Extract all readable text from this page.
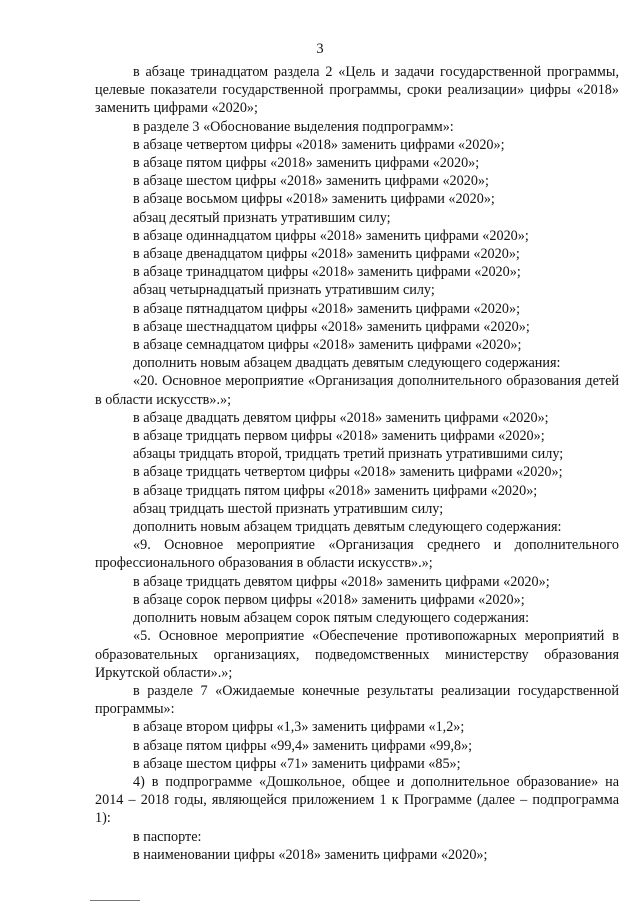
3

в абзаце тринадцатом раздела 2 «Цель и задачи государственной программы, целевые показатели государственной программы, сроки реализации» цифры «2018» заменить цифрами «2020»;

в разделе 3 «Обоснование выделения подпрограмм»:

в абзаце четвертом цифры «2018» заменить цифрами «2020»;

в абзаце пятом цифры «2018» заменить цифрами «2020»;

в абзаце шестом цифры «2018» заменить цифрами «2020»;

в абзаце восьмом цифры «2018» заменить цифрами «2020»;

абзац десятый признать утратившим силу;

в абзаце одиннадцатом цифры «2018» заменить цифрами «2020»;

в абзаце двенадцатом цифры «2018» заменить цифрами «2020»;

в абзаце тринадцатом цифры «2018» заменить цифрами «2020»;

абзац четырнадцатый признать утратившим силу;

в абзаце пятнадцатом цифры «2018» заменить цифрами «2020»;

в абзаце шестнадцатом цифры «2018» заменить цифрами «2020»;

в абзаце семнадцатом цифры «2018» заменить цифрами «2020»;

дополнить новым абзацем двадцать девятым следующего содержания:

«20. Основное мероприятие «Организация дополнительного образования детей в области искусств».»;

в абзаце двадцать девятом цифры «2018» заменить цифрами «2020»;

в абзаце тридцать первом цифры «2018» заменить цифрами «2020»;

абзацы тридцать второй, тридцать третий признать утратившими силу;

в абзаце тридцать четвертом цифры «2018» заменить цифрами «2020»;

в абзаце тридцать пятом цифры «2018» заменить цифрами «2020»;

абзац тридцать шестой признать утратившим силу;

дополнить новым абзацем тридцать девятым следующего содержания:

«9. Основное мероприятие «Организация среднего и дополнительного профессионального образования в области искусств».»;

в абзаце тридцать девятом цифры «2018» заменить цифрами «2020»;

в абзаце сорок первом цифры «2018» заменить цифрами «2020»;

дополнить новым абзацем сорок пятым следующего содержания:

«5. Основное мероприятие «Обеспечение противопожарных мероприятий в образовательных организациях, подведомственных министерству образования Иркутской области».»;

в разделе 7 «Ожидаемые конечные результаты реализации государственной программы»:

в абзаце втором цифры «1,3» заменить цифрами «1,2»;

в абзаце пятом цифры «99,4» заменить цифрами «99,8»;

в абзаце шестом цифры «71» заменить цифрами «85»;

4) в подпрограмме «Дошкольное, общее и дополнительное образование» на 2014 – 2018 годы, являющейся приложением 1 к Программе (далее – подпрограмма 1):

в паспорте:

в наименовании цифры «2018» заменить цифрами «2020»;
